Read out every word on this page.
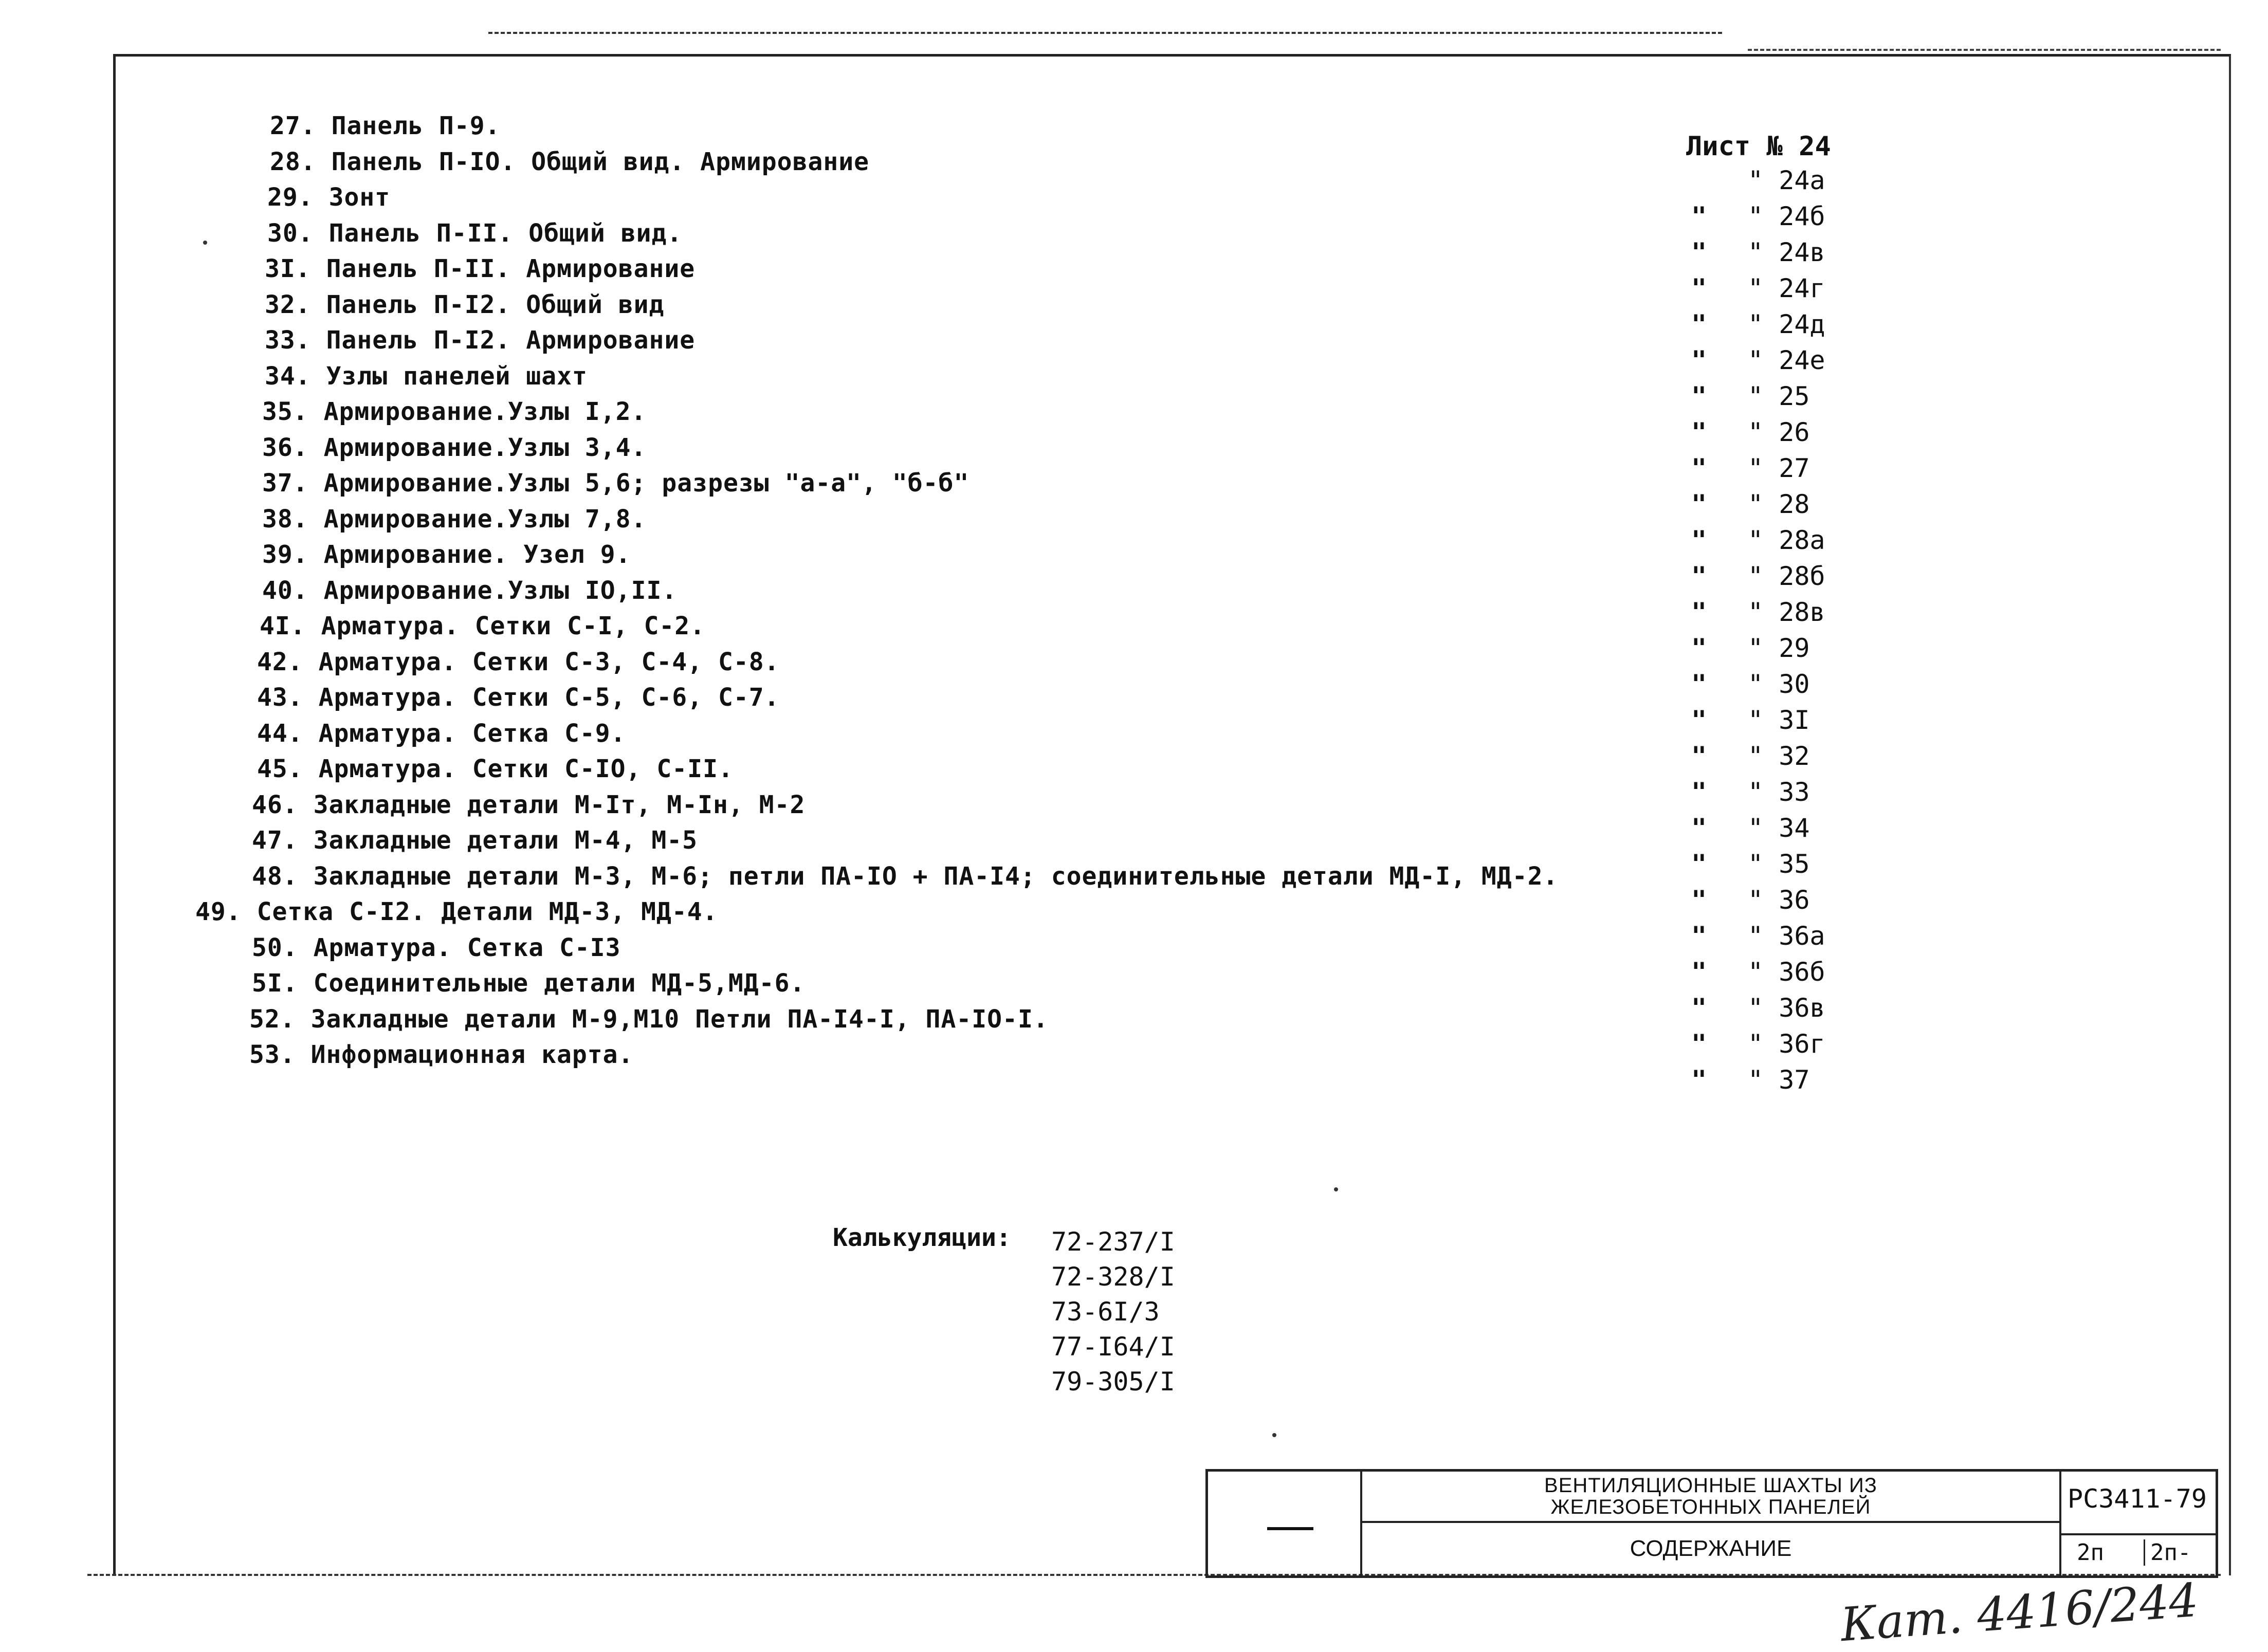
27. Панель П-9.
28. Панель П-IO. Общий вид. Армирование
29. Зонт
30. Панель П-II. Общий вид.
3I. Панель П-II. Армирование
32. Панель П-I2. Общий вид
33. Панель П-I2. Армирование
34. Узлы панелей шахт
35. Армирование.Узлы I,2.
36. Армирование.Узлы 3,4.
37. Армирование.Узлы 5,6; разрезы "а-а", "б-б"
38. Армирование.Узлы 7,8.
39. Армирование. Узел 9.
40. Армирование.Узлы IO,II.
4I. Арматура. Сетки С-I, С-2.
42. Арматура. Сетки С-3, С-4, С-8.
43. Арматура. Сетки С-5, С-6, С-7.
44. Арматура. Сетка С-9.
45. Арматура. Сетки С-IO, С-II.
46. Закладные детали М-Iт, М-Iн, М-2
47. Закладные детали М-4, М-5
48. Закладные детали М-3, М-6; петли ПА-IO + ПА-I4; соединительные детали МД-I, МД-2.
49. Сетка С-I2. Детали МД-3, МД-4.
50. Арматура. Сетка С-I3
5I. Соединительные детали МД-5,МД-6.
52. Закладные детали М-9,М10 Петли ПА-I4-I, ПА-IO-I.
53. Информационная карта.
Лист № 24
" 24а
" " 24б
" " 24в
" " 24г
" " 24д
" " 24е
" " 25
" " 26
" " 27
" " 28
" " 28а
" " 28б
" " 28в
" " 29
" " 30
" " 3I
" " 32
" " 33
" " 34
" " 35
" " 36
" " 36а
" " 36б
" " 36в
" " 36г
" " 37
Калькуляции: 72-237/I
72-328/I
73-6I/3
77-I64/I
79-305/I
ВЕНТИЛЯЦИОННЫЕ ШАХТЫ ИЗ
ЖЕЛЕЗОБЕТОННЫХ ПАНЕЛЕЙ
СОДЕРЖАНИЕ
РС3411-79
2п 2п-
Кат. 4416/244
